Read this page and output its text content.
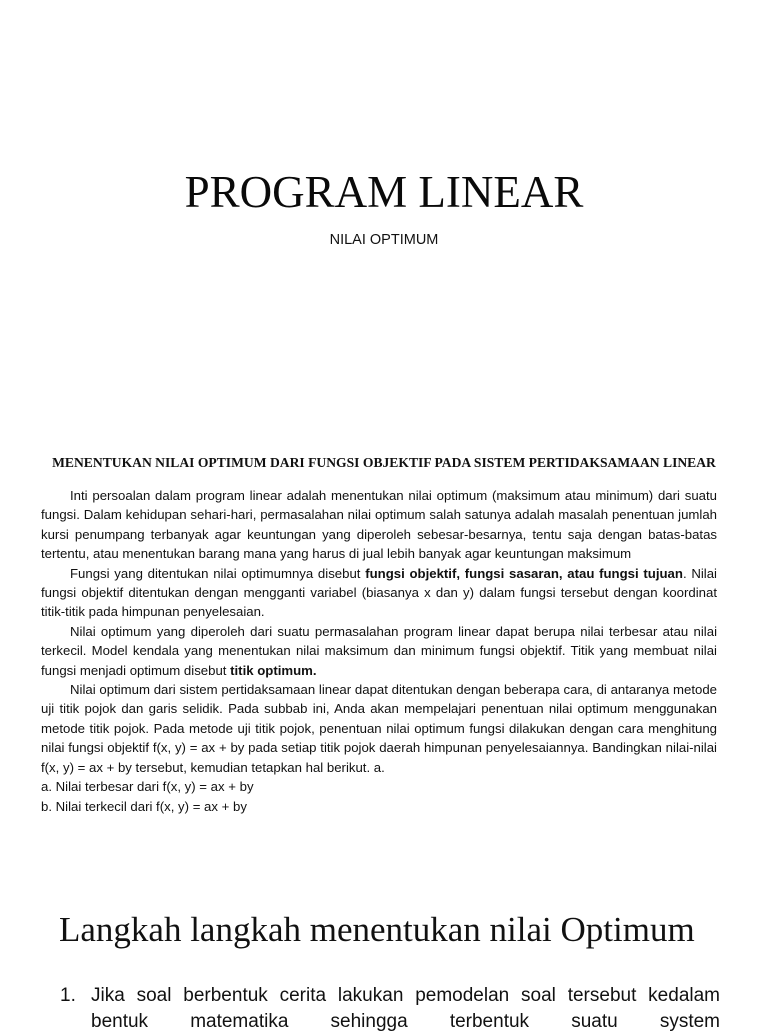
PROGRAM LINEAR
NILAI OPTIMUM
MENENTUKAN NILAI OPTIMUM DARI FUNGSI OBJEKTIF PADA SISTEM PERTIDAKSAMAAN LINEAR

Inti persoalan dalam program linear adalah menentukan nilai optimum (maksimum atau minimum) dari suatu fungsi. Dalam kehidupan sehari-hari, permasalahan nilai optimum salah satunya adalah masalah penentuan jumlah kursi penumpang terbanyak agar keuntungan yang diperoleh sebesar-besarnya, tentu saja dengan batas-batas tertentu, atau menentukan barang mana yang harus di jual lebih banyak agar keuntungan maksimum

Fungsi yang ditentukan nilai optimumnya disebut fungsi objektif, fungsi sasaran, atau fungsi tujuan. Nilai fungsi objektif ditentukan dengan mengganti variabel (biasanya x dan y) dalam fungsi tersebut dengan koordinat titik-titik pada himpunan penyelesaian.

Nilai optimum yang diperoleh dari suatu permasalahan program linear dapat berupa nilai terbesar atau nilai terkecil. Model kendala yang menentukan nilai maksimum dan minimum fungsi objektif. Titik yang membuat nilai fungsi menjadi optimum disebut titik optimum.

Nilai optimum dari sistem pertidaksamaan linear dapat ditentukan dengan beberapa cara, di antaranya metode uji titik pojok dan garis selidik. Pada subbab ini, Anda akan mempelajari penentuan nilai optimum menggunakan metode titik pojok. Pada metode uji titik pojok, penentuan nilai optimum fungsi dilakukan dengan cara menghitung nilai fungsi objektif f(x, y) = ax + by pada setiap titik pojok daerah himpunan penyelesaiannya. Bandingkan nilai-nilai f(x, y) = ax + by tersebut, kemudian tetapkan hal berikut. a.

a. Nilai terbesar dari f(x, y) = ax + by

b. Nilai terkecil dari f(x, y) = ax + by

Langkah langkah menentukan nilai Optimum
1. Jika soal berbentuk cerita lakukan pemodelan soal tersebut kedalam bentuk matematika sehingga terbentuk suatu system
